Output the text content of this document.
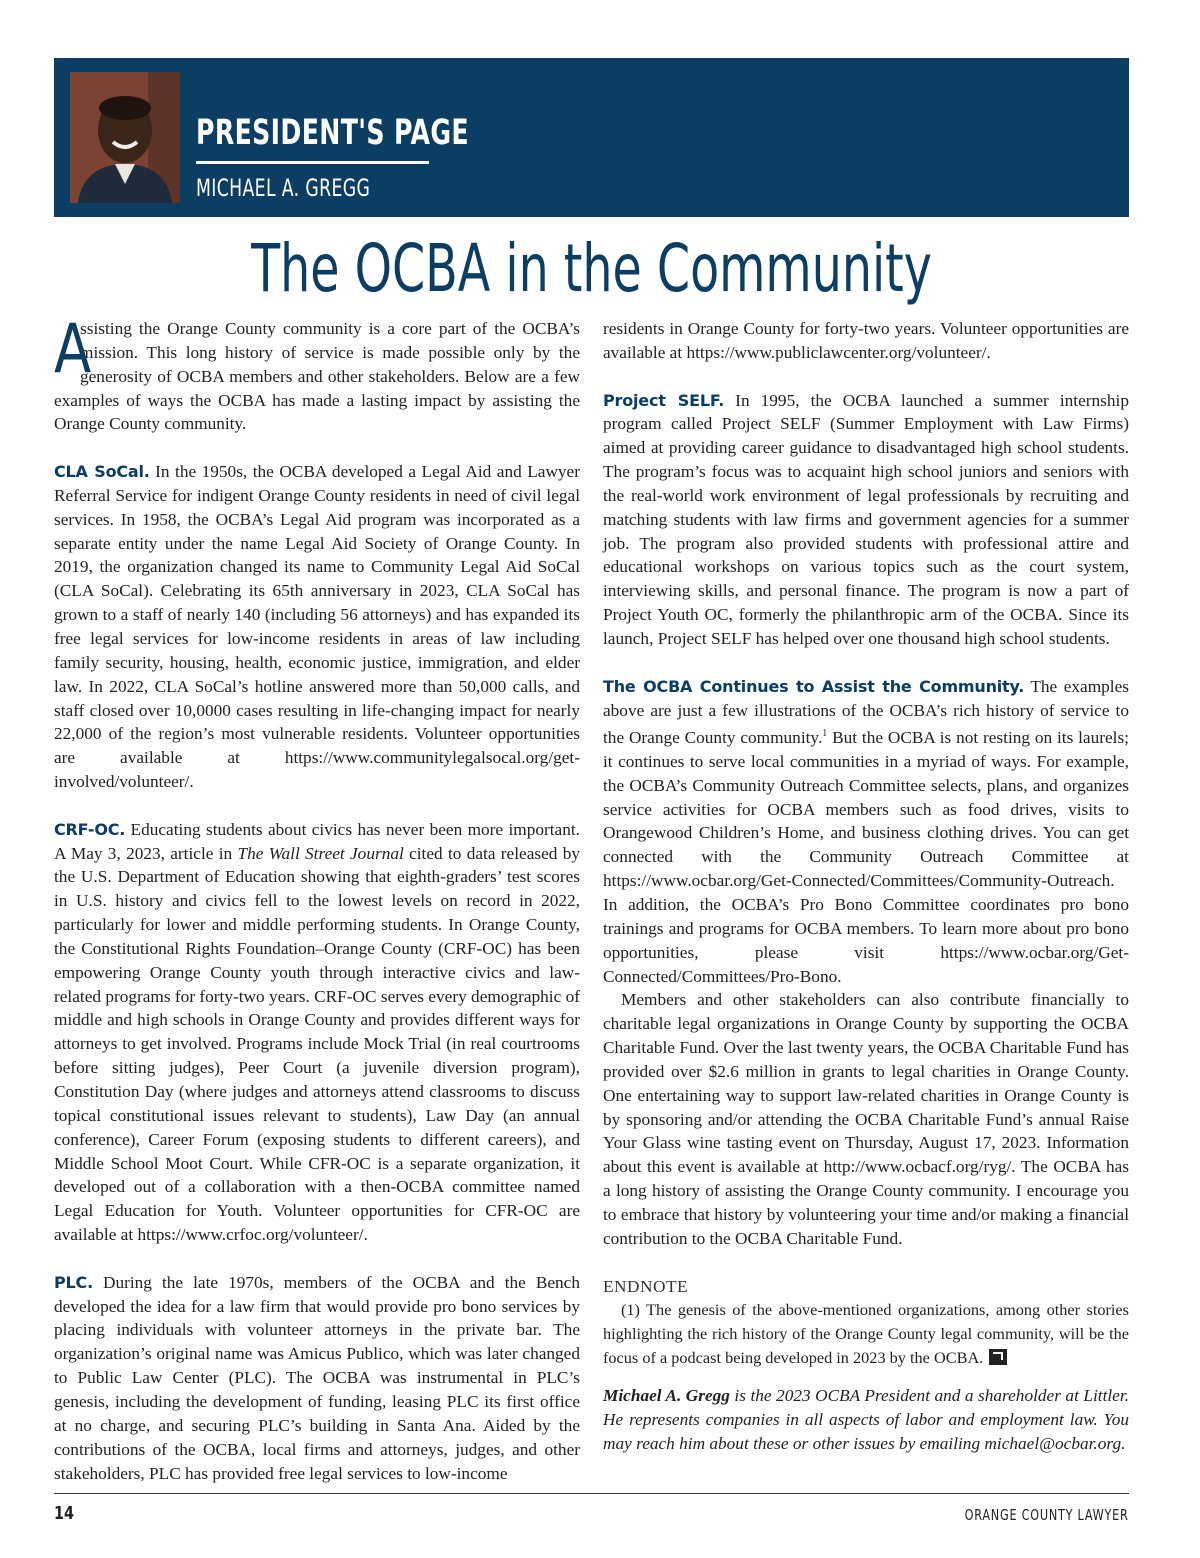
PRESIDENT'S PAGE
MICHAEL A. GREGG
The OCBA in the Community

A
ssisting the Orange County community is a core part of the OCBA’s mission. This long history of service is made possible only by the generosity of OCBA members and other stakeholders. Below are a few examples of ways the OCBA has made a lasting impact by assisting the Orange County community.

CLA SoCal. In the 1950s, the OCBA developed a Legal Aid and Lawyer Referral Service for indigent Orange County residents in need of civil legal services. In 1958, the OCBA’s Legal Aid program was incorporated as a separate entity under the name Legal Aid Society of Orange County. In 2019, the organization changed its name to Community Legal Aid SoCal (CLA SoCal). Celebrating its 65th anniversary in 2023, CLA SoCal has grown to a staff of nearly 140 (including 56 attorneys) and has expanded its free legal services for low-income residents in areas of law including family security, housing, health, economic justice, immigration, and elder law. In 2022, CLA SoCal’s hotline answered more than 50,000 calls, and staff closed over 10,0000 cases resulting in life-changing impact for nearly 22,000 of the region’s most vulnerable residents. Volunteer opportunities are available at https://www.communitylegalsocal.org/get-involved/volunteer/.

CRF-OC. Educating students about civics has never been more important. A May 3, 2023, article in The Wall Street Journal cited to data released by the U.S. Department of Education showing that eighth-graders’ test scores in U.S. history and civics fell to the lowest levels on record in 2022, particularly for lower and middle performing students. In Orange County, the Constitutional Rights Foundation–Orange County (CRF-OC) has been empowering Orange County youth through interactive civics and law-related programs for forty-two years. CRF-OC serves every demographic of middle and high schools in Orange County and provides different ways for attorneys to get involved. Programs include Mock Trial (in real courtrooms before sitting judges), Peer Court (a juvenile diversion program), Constitution Day (where judges and attorneys attend classrooms to discuss topical constitutional issues relevant to students), Law Day (an annual conference), Career Forum (exposing students to different careers), and Middle School Moot Court. While CFR-OC is a separate organization, it developed out of a collaboration with a then-OCBA committee named Legal Education for Youth. Volunteer opportunities for CFR-OC are available at https://www.crfoc.org/volunteer/.

PLC. During the late 1970s, members of the OCBA and the Bench developed the idea for a law firm that would provide pro bono services by placing individuals with volunteer attorneys in the private bar. The organization’s original name was Amicus Publico, which was later changed to Public Law Center (PLC). The OCBA was instrumental in PLC’s genesis, including the development of funding, leasing PLC its first office at no charge, and securing PLC’s building in Santa Ana. Aided by the contributions of the OCBA, local firms and attorneys, judges, and other stakeholders, PLC has provided free legal services to low-income

residents in Orange County for forty-two years. Volunteer opportunities are available at https://www.publiclawcenter.org/volunteer/.

Project SELF. In 1995, the OCBA launched a summer internship program called Project SELF (Summer Employment with Law Firms) aimed at providing career guidance to disadvantaged high school students. The program’s focus was to acquaint high school juniors and seniors with the real-world work environment of legal professionals by recruiting and matching students with law firms and government agencies for a summer job. The program also provided students with professional attire and educational workshops on various topics such as the court system, interviewing skills, and personal finance. The program is now a part of Project Youth OC, formerly the philanthropic arm of the OCBA. Since its launch, Project SELF has helped over one thousand high school students.

The OCBA Continues to Assist the Community. The examples above are just a few illustrations of the OCBA’s rich history of service to the Orange County community.$^1$ But the OCBA is not resting on its laurels; it continues to serve local communities in a myriad of ways. For example, the OCBA’s Community Outreach Committee selects, plans, and organizes service activities for OCBA members such as food drives, visits to Orangewood Children’s Home, and business clothing drives. You can get connected with the Community Outreach Committee at https://www.ocbar.org/Get-Connected/Committees/Community-Outreach. In addition, the OCBA’s Pro Bono Committee coordinates pro bono trainings and programs for OCBA members. To learn more about pro bono opportunities, please visit https://www.ocbar.org/Get-Connected/Committees/Pro-Bono.

Members and other stakeholders can also contribute financially to charitable legal organizations in Orange County by supporting the OCBA Charitable Fund. Over the last twenty years, the OCBA Charitable Fund has provided over $2.6 million in grants to legal charities in Orange County. One entertaining way to support law-related charities in Orange County is by sponsoring and/or attending the OCBA Charitable Fund’s annual Raise Your Glass wine tasting event on Thursday, August 17, 2023. Information about this event is available at http://www.ocbacf.org/ryg/. The OCBA has a long history of assisting the Orange County community. I encourage you to embrace that history by volunteering your time and/or making a financial contribution to the OCBA Charitable Fund.

ENDNOTE

(1) The genesis of the above-mentioned organizations, among other stories highlighting the rich history of the Orange County legal community, will be the focus of a podcast being developed in 2023 by the OCBA.

Michael A. Gregg is the 2023 OCBA President and a shareholder at Littler. He represents companies in all aspects of labor and employment law. You may reach him about these or other issues by emailing michael@ocbar.org.

14	ORANGE COUNTY LAWYER
